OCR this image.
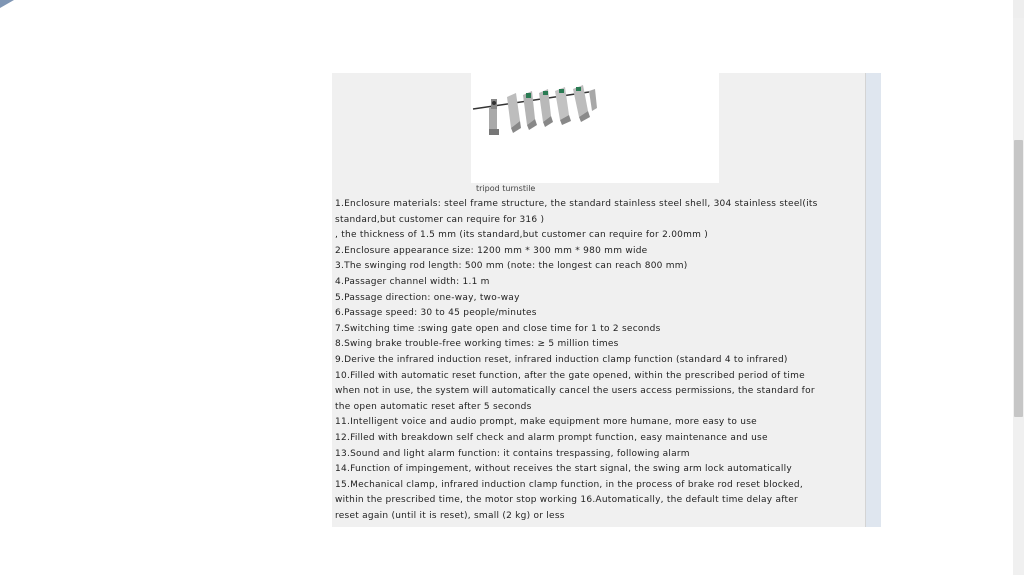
tripod turnstile
1.Enclosure materials: steel frame structure, the standard stainless steel shell, 304 stainless steel(its
standard,but customer can require for 316 )
, the thickness of 1.5 mm (its standard,but customer can require for 2.00mm )
2.Enclosure appearance size: 1200 mm * 300 mm * 980 mm wide
3.The swinging rod length: 500 mm (note: the longest can reach 800 mm)
4.Passager channel width: 1.1 m
5.Passage direction: one-way, two-way
6.Passage speed: 30 to 45 people/minutes
7.Switching time :swing gate open and close time for 1 to 2 seconds
8.Swing brake trouble-free working times: ≥ 5 million times
9.Derive the infrared induction reset, infrared induction clamp function (standard 4 to infrared)
10.Filled with automatic reset function, after the gate opened, within the prescribed period of time
when not in use, the system will automatically cancel the users access permissions, the standard for
the open automatic reset after 5 seconds
11.Intelligent voice and audio prompt, make equipment more humane, more easy to use
12.Filled with breakdown self check and alarm prompt function, easy maintenance and use
13.Sound and light alarm function: it contains trespassing, following alarm
14.Function of impingement, without receives the start signal, the swing arm lock automatically
15.Mechanical clamp, infrared induction clamp function, in the process of brake rod reset blocked,
within the prescribed time, the motor stop working 16.Automatically, the default time delay after
reset again (until it is reset), small (2 kg) or less
